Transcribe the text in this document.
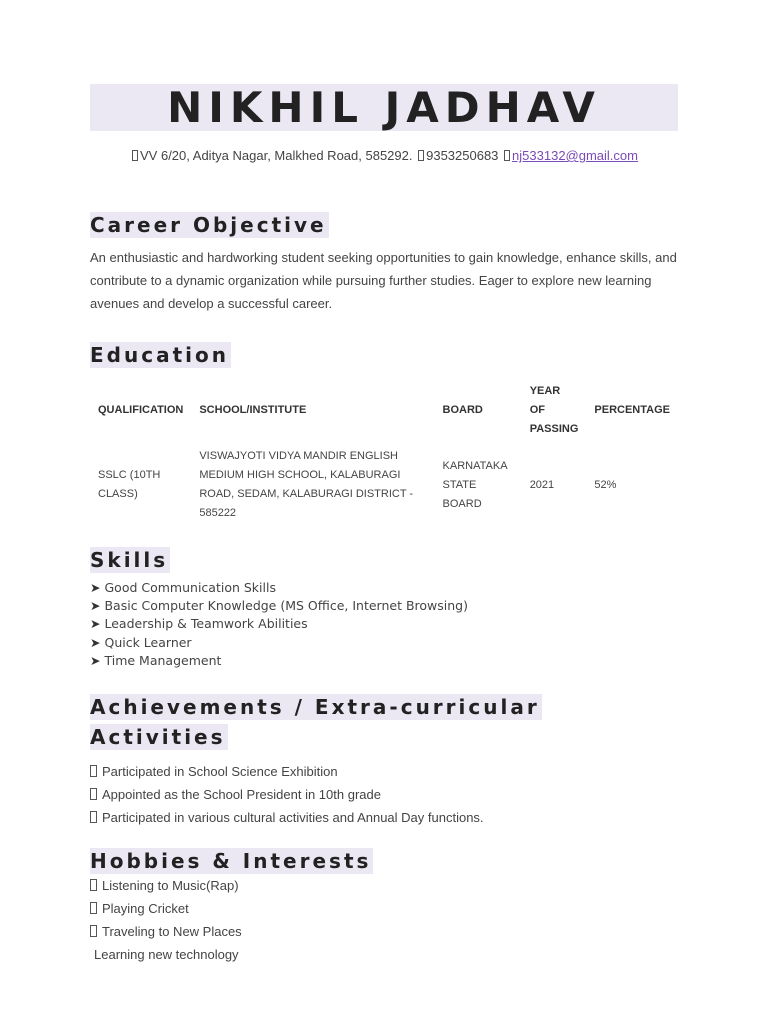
NIKHIL JADHAV
VV 6/20, Aditya Nagar, Malkhed Road, 585292. 9353250683 nj533132@gmail.com
Career Objective
An enthusiastic and hardworking student seeking opportunities to gain knowledge, enhance skills, and contribute to a dynamic organization while pursuing further studies. Eager to explore new learning avenues and develop a successful career.
Education
QUALIFICATION	SCHOOL/INSTITUTE	BOARD	YEAR OF PASSING	PERCENTAGE
SSLC (10TH CLASS)	VISWAJYOTI VIDYA MANDIR ENGLISH MEDIUM HIGH SCHOOL, KALABURAGI ROAD, SEDAM, KALABURAGI DISTRICT - 585222	KARNATAKA STATE BOARD	2021	52%
Skills
➤ Good Communication Skills
➤ Basic Computer Knowledge (MS Office, Internet Browsing)
➤ Leadership & Teamwork Abilities
➤ Quick Learner
➤ Time Management
Achievements / Extra-curricular
Activities
Participated in School Science Exhibition
Appointed as the School President in 10th grade
Participated in various cultural activities and Annual Day functions.
Hobbies & Interests
Listening to Music(Rap)
Playing Cricket
Traveling to New Places
Learning new technology
